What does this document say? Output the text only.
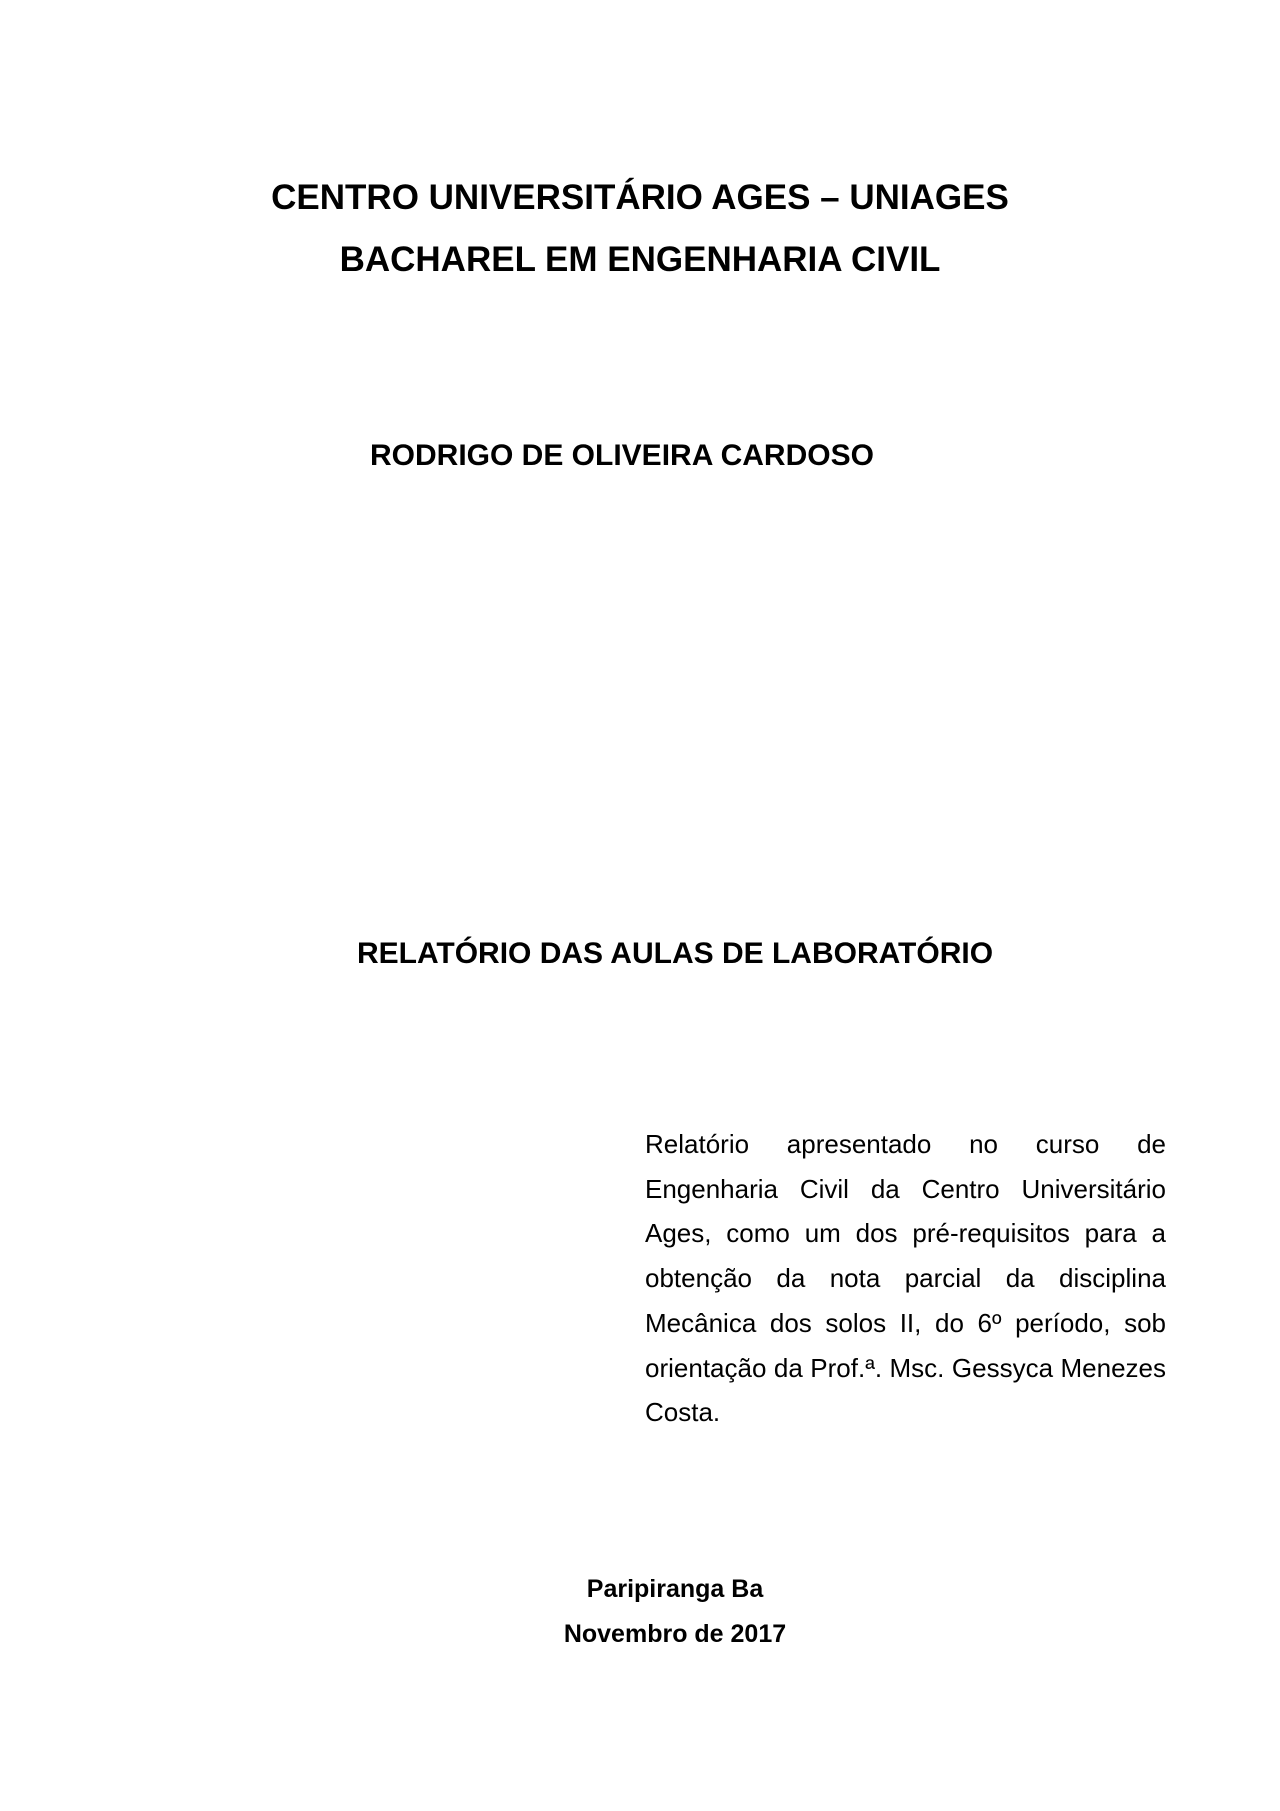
CENTRO UNIVERSITÁRIO AGES – UNIAGES
BACHAREL EM ENGENHARIA CIVIL
RODRIGO DE OLIVEIRA CARDOSO
RELATÓRIO DAS AULAS DE LABORATÓRIO
Relatório apresentado no curso de Engenharia Civil da Centro Universitário Ages, como um dos pré-requisitos para a obtenção da nota parcial da disciplina Mecânica dos solos II, do 6º período, sob orientação da Prof.ª. Msc. Gessyca Menezes Costa.
Paripiranga Ba
Novembro de 2017
